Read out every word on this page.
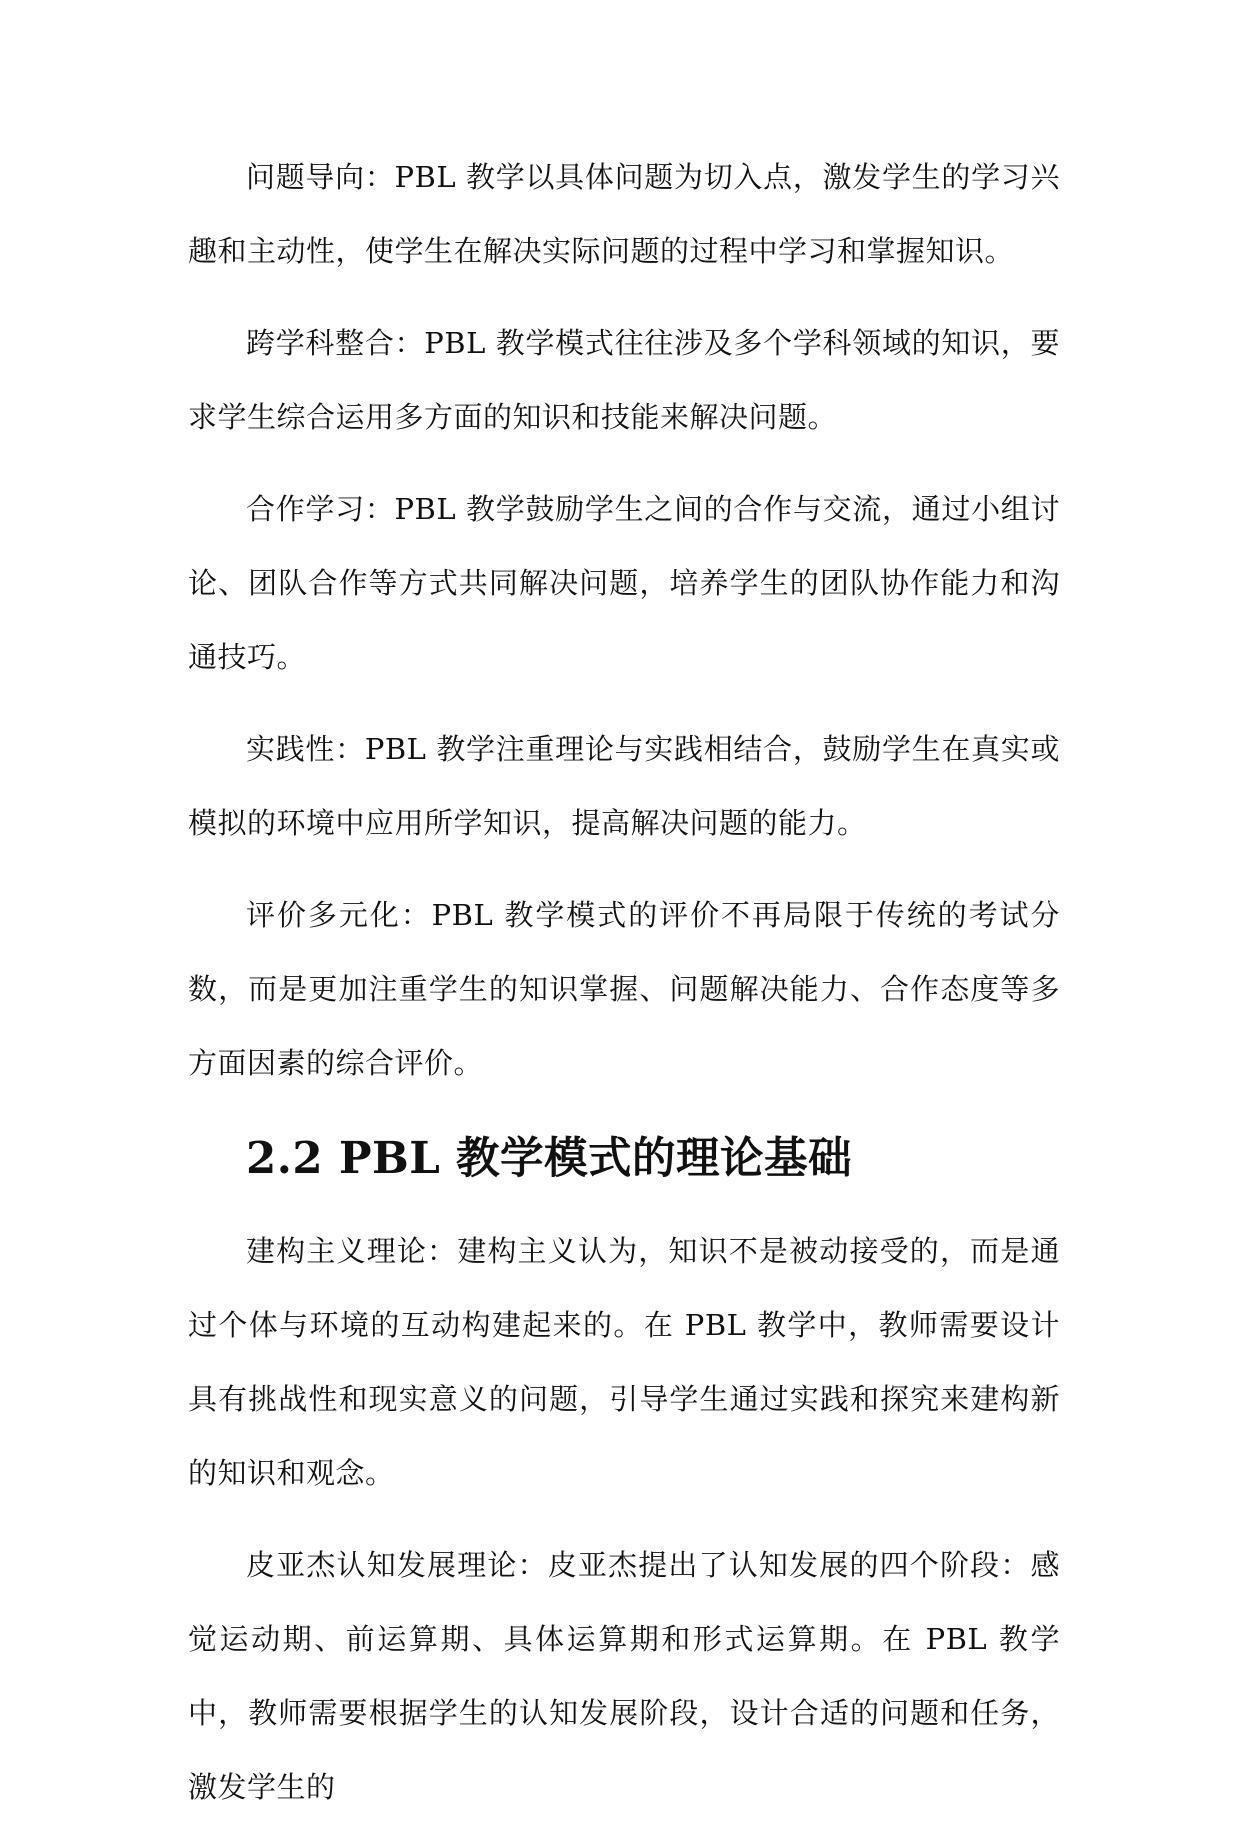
问题导向：PBL 教学以具体问题为切入点，激发学生的学习兴趣和主动性，使学生在解决实际问题的过程中学习和掌握知识。

跨学科整合：PBL 教学模式往往涉及多个学科领域的知识，要求学生综合运用多方面的知识和技能来解决问题。

合作学习：PBL 教学鼓励学生之间的合作与交流，通过小组讨论、团队合作等方式共同解决问题，培养学生的团队协作能力和沟通技巧。

实践性：PBL 教学注重理论与实践相结合，鼓励学生在真实或模拟的环境中应用所学知识，提高解决问题的能力。

评价多元化：PBL 教学模式的评价不再局限于传统的考试分数，而是更加注重学生的知识掌握、问题解决能力、合作态度等多方面因素的综合评价。

2.2 PBL 教学模式的理论基础

建构主义理论：建构主义认为，知识不是被动接受的，而是通过个体与环境的互动构建起来的。在 PBL 教学中，教师需要设计具有挑战性和现实意义的问题，引导学生通过实践和探究来建构新的知识和观念。

皮亚杰认知发展理论：皮亚杰提出了认知发展的四个阶段：感觉运动期、前运算期、具体运算期和形式运算期。在 PBL 教学中，教师需要根据学生的认知发展阶段，设计合适的问题和任务，激发学生的
